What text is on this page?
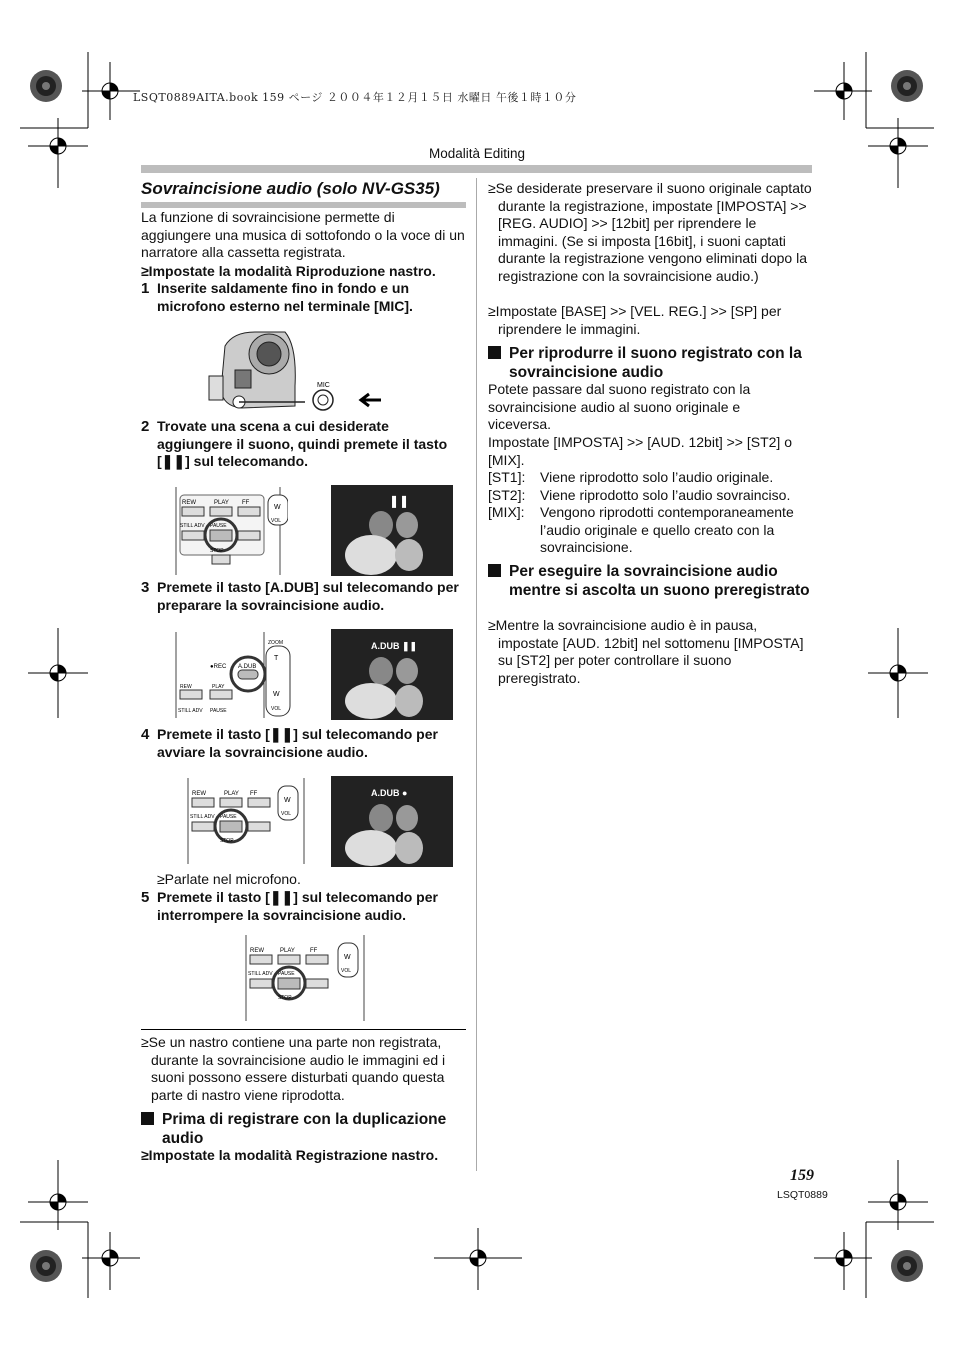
LSQT0889AITA.book 159 ページ ２００４年１２月１５日 水曜日 午後１時１０分
Modalità Editing
Sovraincisione audio (solo NV-GS35)
La funzione di sovraincisione permette di aggiungere una musica di sottofondo o la voce di un narratore alla cassetta registrata.
≥Impostate la modalità Riproduzione nastro.
1 Inserite saldamente fino in fondo e un microfono esterno nel terminale [MIC].
MIC
2 Trovate una scena a cui desiderate aggiungere il suono, quindi premete il tasto [❚❚] sul telecomando.
REW	PLAY FF
STILL ADV PAUSE
STOP
W
VOL
❚❚
3 Premete il tasto [A.DUB] sul telecomando per preparare la sovraincisione audio.
ZOOM
T
W
VOL
●REC A.DUB
REW	PLAY
STILL ADV PAUSE
A.DUB ❚❚
4 Premete il tasto [❚❚] sul telecomando per avviare la sovraincisione audio.
REW	PLAY FF
STILL ADV PAUSE
STOP
W
VOL
A.DUB ●
≥Parlate nel microfono.
5 Premete il tasto [❚❚] sul telecomando per interrompere la sovraincisione audio.
REW	PLAY	FF
STILL ADV PAUSE
STOP
W
VOL
≥Se un nastro contiene una parte non registrata, durante la sovraincisione audio le immagini ed i suoni possono essere disturbati quando questa parte di nastro viene riprodotta.
Prima di registrare con la duplicazione audio
≥Impostate la modalità Registrazione nastro.
≥Se desiderate preservare il suono originale captato durante la registrazione, impostate [IMPOSTA] >> [REG. AUDIO] >> [12bit] per riprendere le immagini. (Se si imposta [16bit], i suoni captati durante la registrazione vengono eliminati dopo la registrazione con la sovraincisione audio.)
≥Impostate [BASE] >> [VEL. REG.] >> [SP] per riprendere le immagini.
Per riprodurre il suono registrato con la sovraincisione audio
Potete passare dal suono registrato con la sovraincisione audio al suono originale e viceversa.
Impostate [IMPOSTA] >> [AUD. 12bit] >> [ST2] o [MIX].
[ST1]: Viene riprodotto solo l’audio originale.
[ST2]: Viene riprodotto solo l’audio sovrainciso.
[MIX]: Vengono riprodotti contemporaneamente l’audio originale e quello creato con la sovraincisione.
Per eseguire la sovraincisione audio mentre si ascolta un suono preregistrato
≥Mentre la sovraincisione audio è in pausa, impostate [AUD. 12bit] nel sottomenu [IMPOSTA] su [ST2] per poter controllare il suono preregistrato.
159
LSQT0889
